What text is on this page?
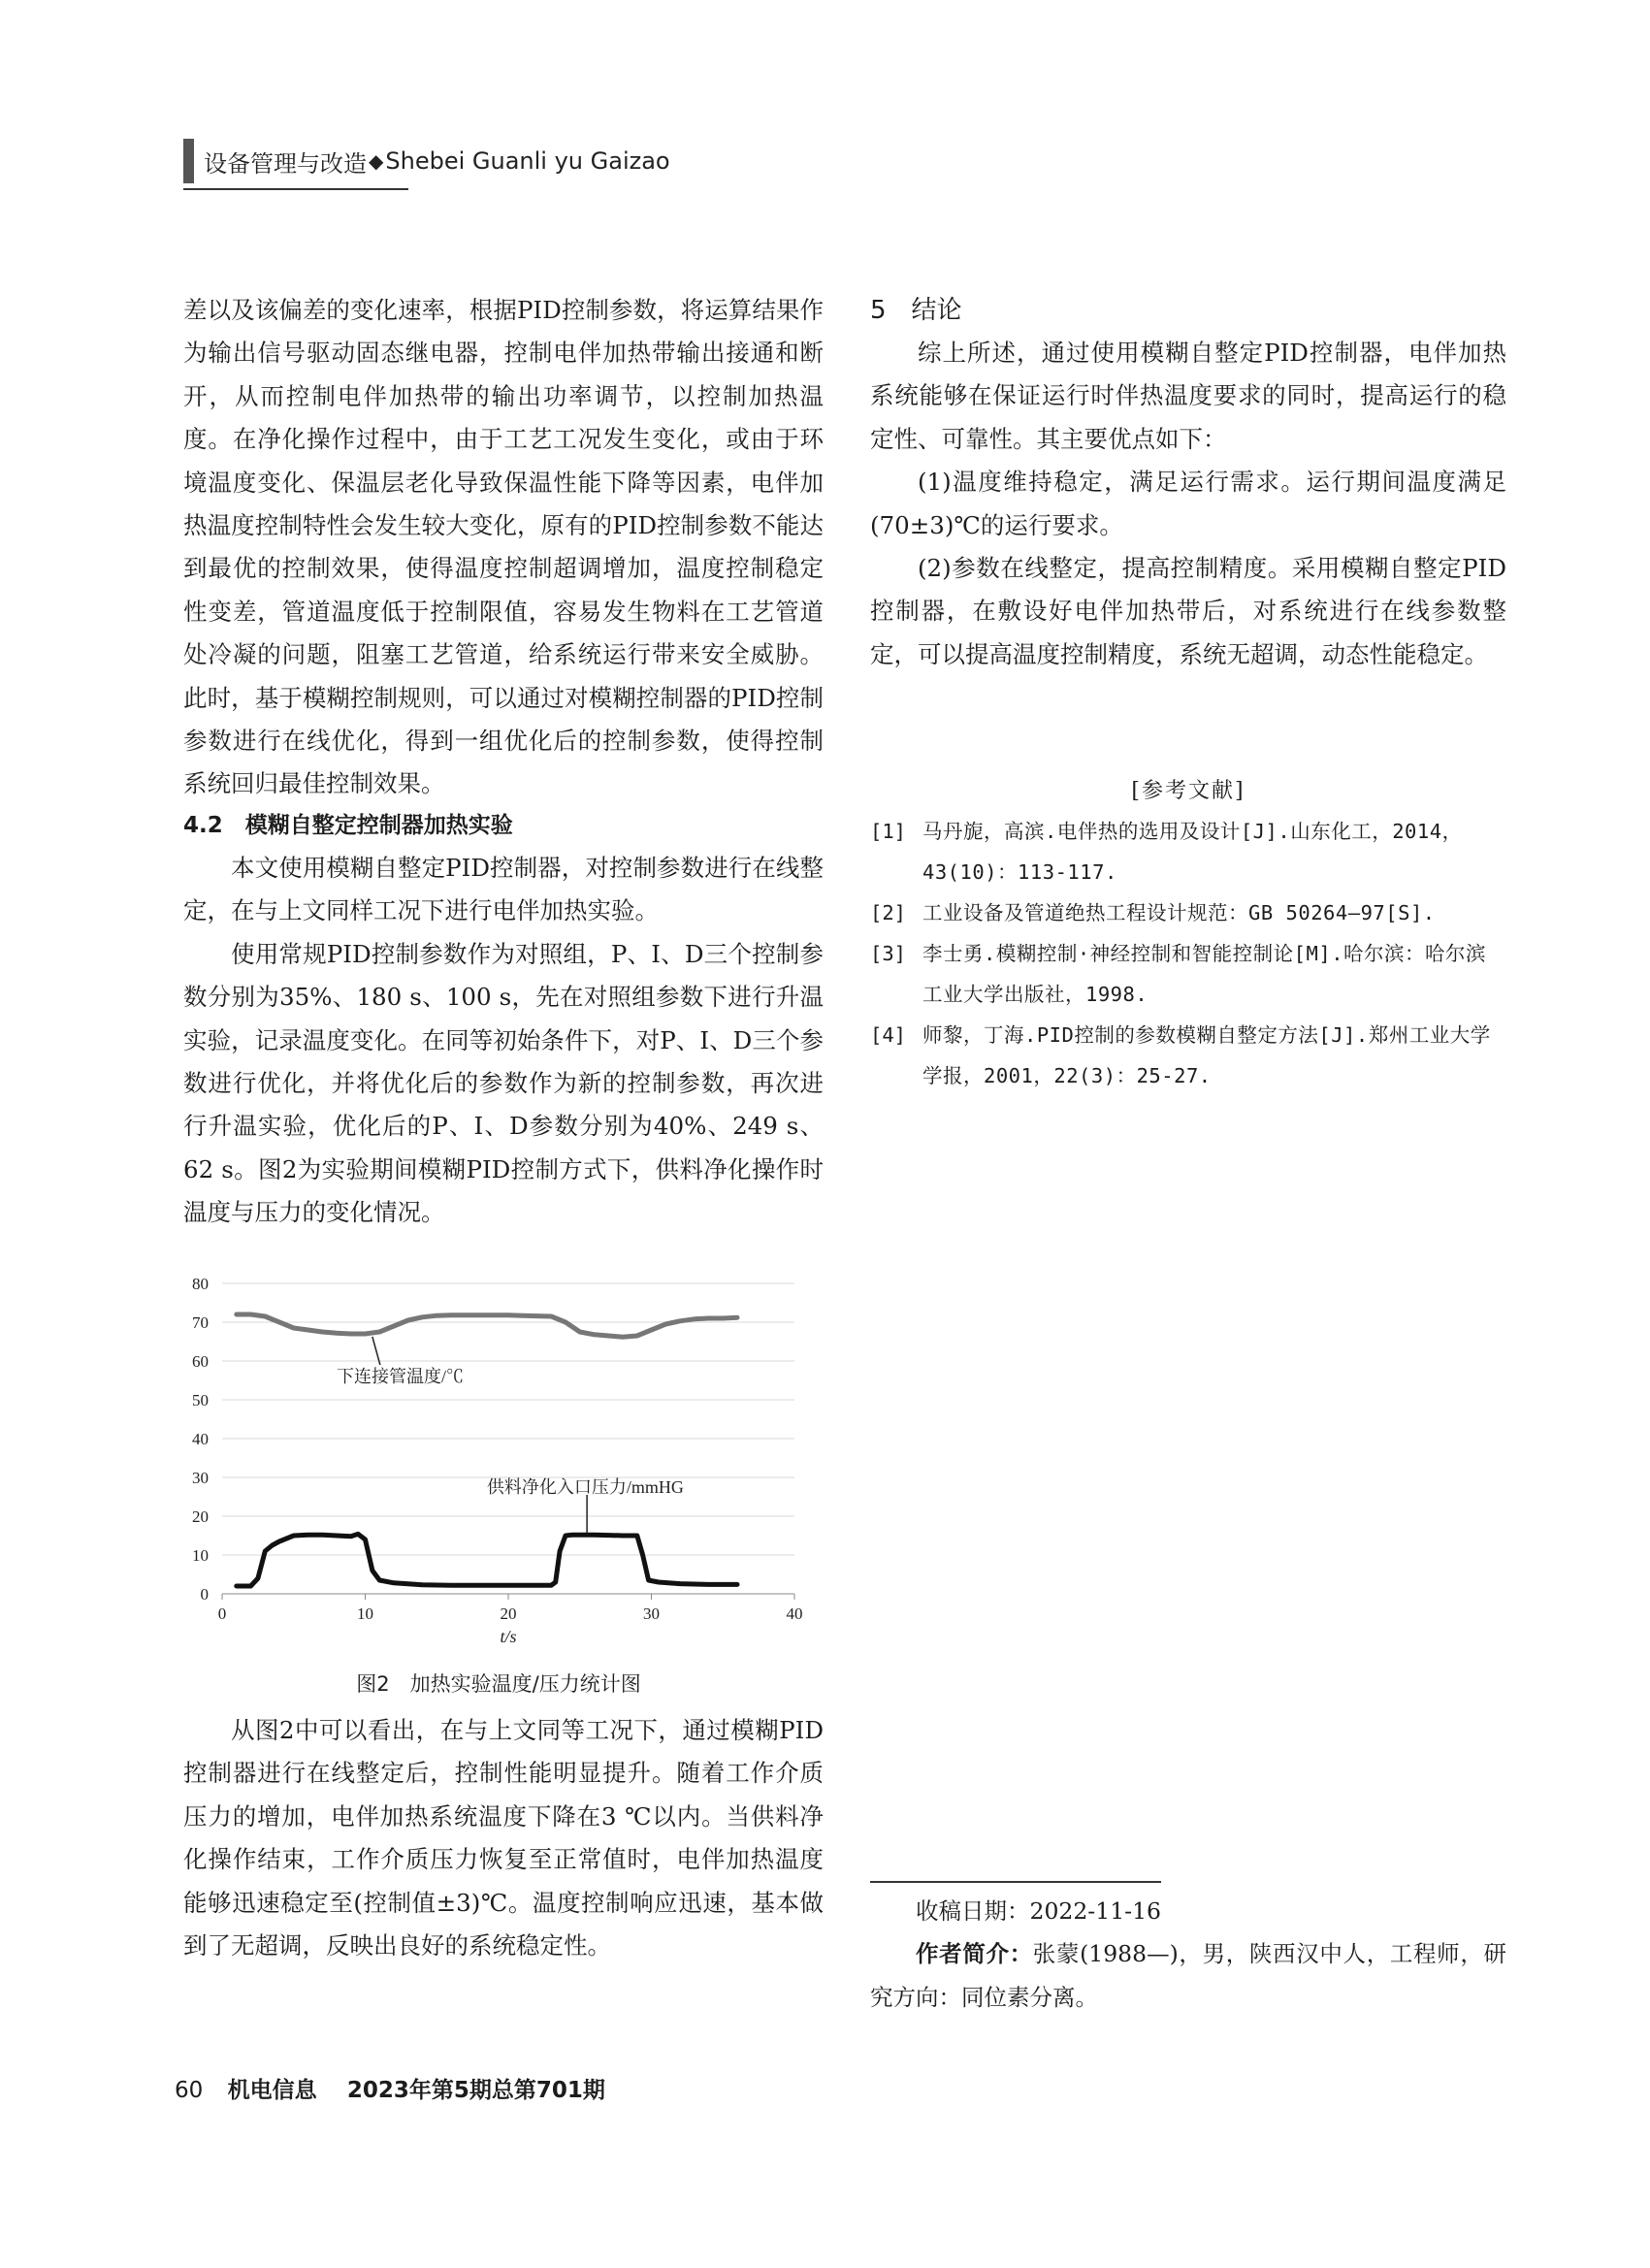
设备管理与改造 ◆ Shebei Guanli yu Gaizao

差以及该偏差的变化速率，根据PID控制参数，将运算结果作为输出信号驱动固态继电器，控制电伴加热带输出接通和断开，从而控制电伴加热带的输出功率调节，以控制加热温度。在净化操作过程中，由于工艺工况发生变化，或由于环境温度变化、保温层老化导致保温性能下降等因素，电伴加热温度控制特性会发生较大变化，原有的PID控制参数不能达到最优的控制效果，使得温度控制超调增加，温度控制稳定性变差，管道温度低于控制限值，容易发生物料在工艺管道处冷凝的问题，阻塞工艺管道，给系统运行带来安全威胁。此时，基于模糊控制规则，可以通过对模糊控制器的PID控制参数进行在线优化，得到一组优化后的控制参数，使得控制系统回归最佳控制效果。

4.2　模糊自整定控制器加热实验

本文使用模糊自整定PID控制器，对控制参数进行在线整定，在与上文同样工况下进行电伴加热实验。

使用常规PID控制参数作为对照组，P、I、D三个控制参数分别为35%、180 s、100 s，先在对照组参数下进行升温实验，记录温度变化。在同等初始条件下，对P、I、D三个参数进行优化，并将优化后的参数作为新的控制参数，再次进行升温实验，优化后的P、I、D参数分别为40%、249 s、62 s。图2为实验期间模糊PID控制方式下，供料净化操作时温度与压力的变化情况。

0
10
20
30
40
50
60
70
80
0	10	20	30	40
t/s
下连接管温度/℃
供料净化入口压力/mmHG
图2　加热实验温度/压力统计图

从图2中可以看出，在与上文同等工况下，通过模糊PID控制器进行在线整定后，控制性能明显提升。随着工作介质压力的增加，电伴加热系统温度下降在3 ℃以内。当供料净化操作结束，工作介质压力恢复至正常值时，电伴加热温度能够迅速稳定至(控制值±3)℃。温度控制响应迅速，基本做到了无超调，反映出良好的系统稳定性。

5　结论

综上所述，通过使用模糊自整定PID控制器，电伴加热系统能够在保证运行时伴热温度要求的同时，提高运行的稳定性、可靠性。其主要优点如下：

(1)温度维持稳定，满足运行需求。运行期间温度满足(70±3)℃的运行要求。

(2)参数在线整定，提高控制精度。采用模糊自整定PID控制器，在敷设好电伴加热带后，对系统进行在线参数整定，可以提高温度控制精度，系统无超调，动态性能稳定。

[参考文献]
[1] 马丹旎，高滨.电伴热的选用及设计[J].山东化工，2014，43(10)：113-117.
[2] 工业设备及管道绝热工程设计规范：GB 50264—97[S].
[3] 李士勇.模糊控制·神经控制和智能控制论[M].哈尔滨：哈尔滨工业大学出版社，1998.
[4] 师黎，丁海.PID控制的参数模糊自整定方法[J].郑州工业大学学报，2001，22(3)：25-27.

收稿日期：2022-11-16

作者简介：张蒙(1988—)，男，陕西汉中人，工程师，研究方向：同位素分离。

60 机电信息 2023年第5期总第701期
